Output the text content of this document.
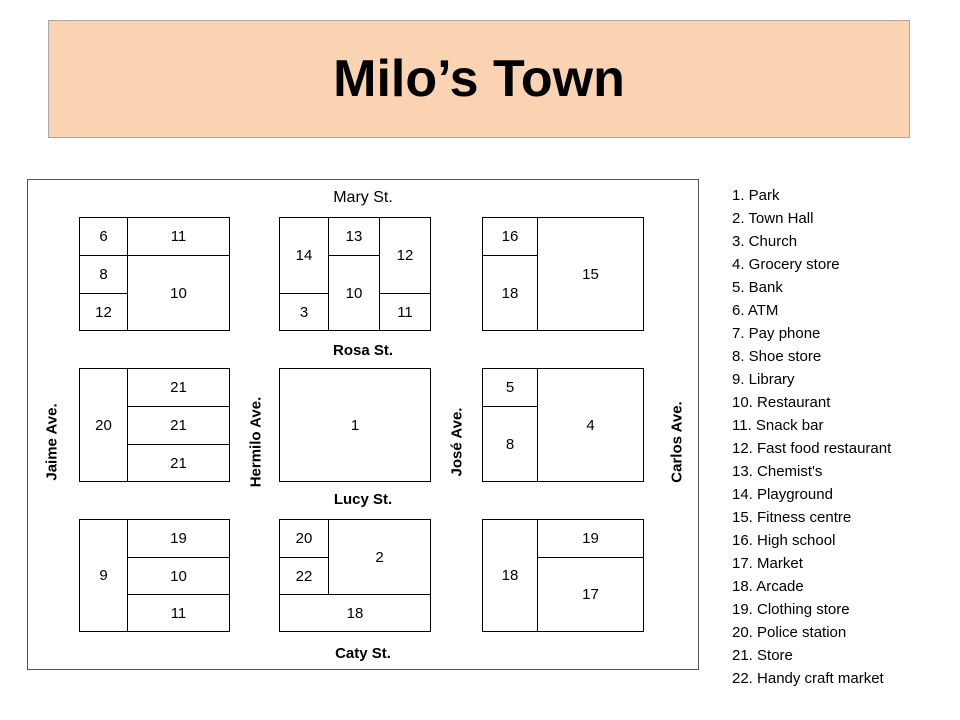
Milo’s Town
Mary St.
Rosa St.
Lucy St.
Caty St.
Jaime Ave.	Hermilo Ave.	José Ave.	Carlos Ave.
6	11
8
10
12
14
13
12
10
3	11
16
15
18
20
21
21
21
1
5
4
8
9
19
10
11
20
2
22
18
18
19
17
1. Park
2. Town Hall
3. Church
4. Grocery store
5. Bank
6. ATM
7. Pay phone
8. Shoe store
9. Library
10. Restaurant
11. Snack bar
12. Fast food restaurant
13. Chemist's
14. Playground
15. Fitness centre
16. High school
17. Market
18. Arcade
19. Clothing store
20. Police station
21. Store
22. Handy craft market
